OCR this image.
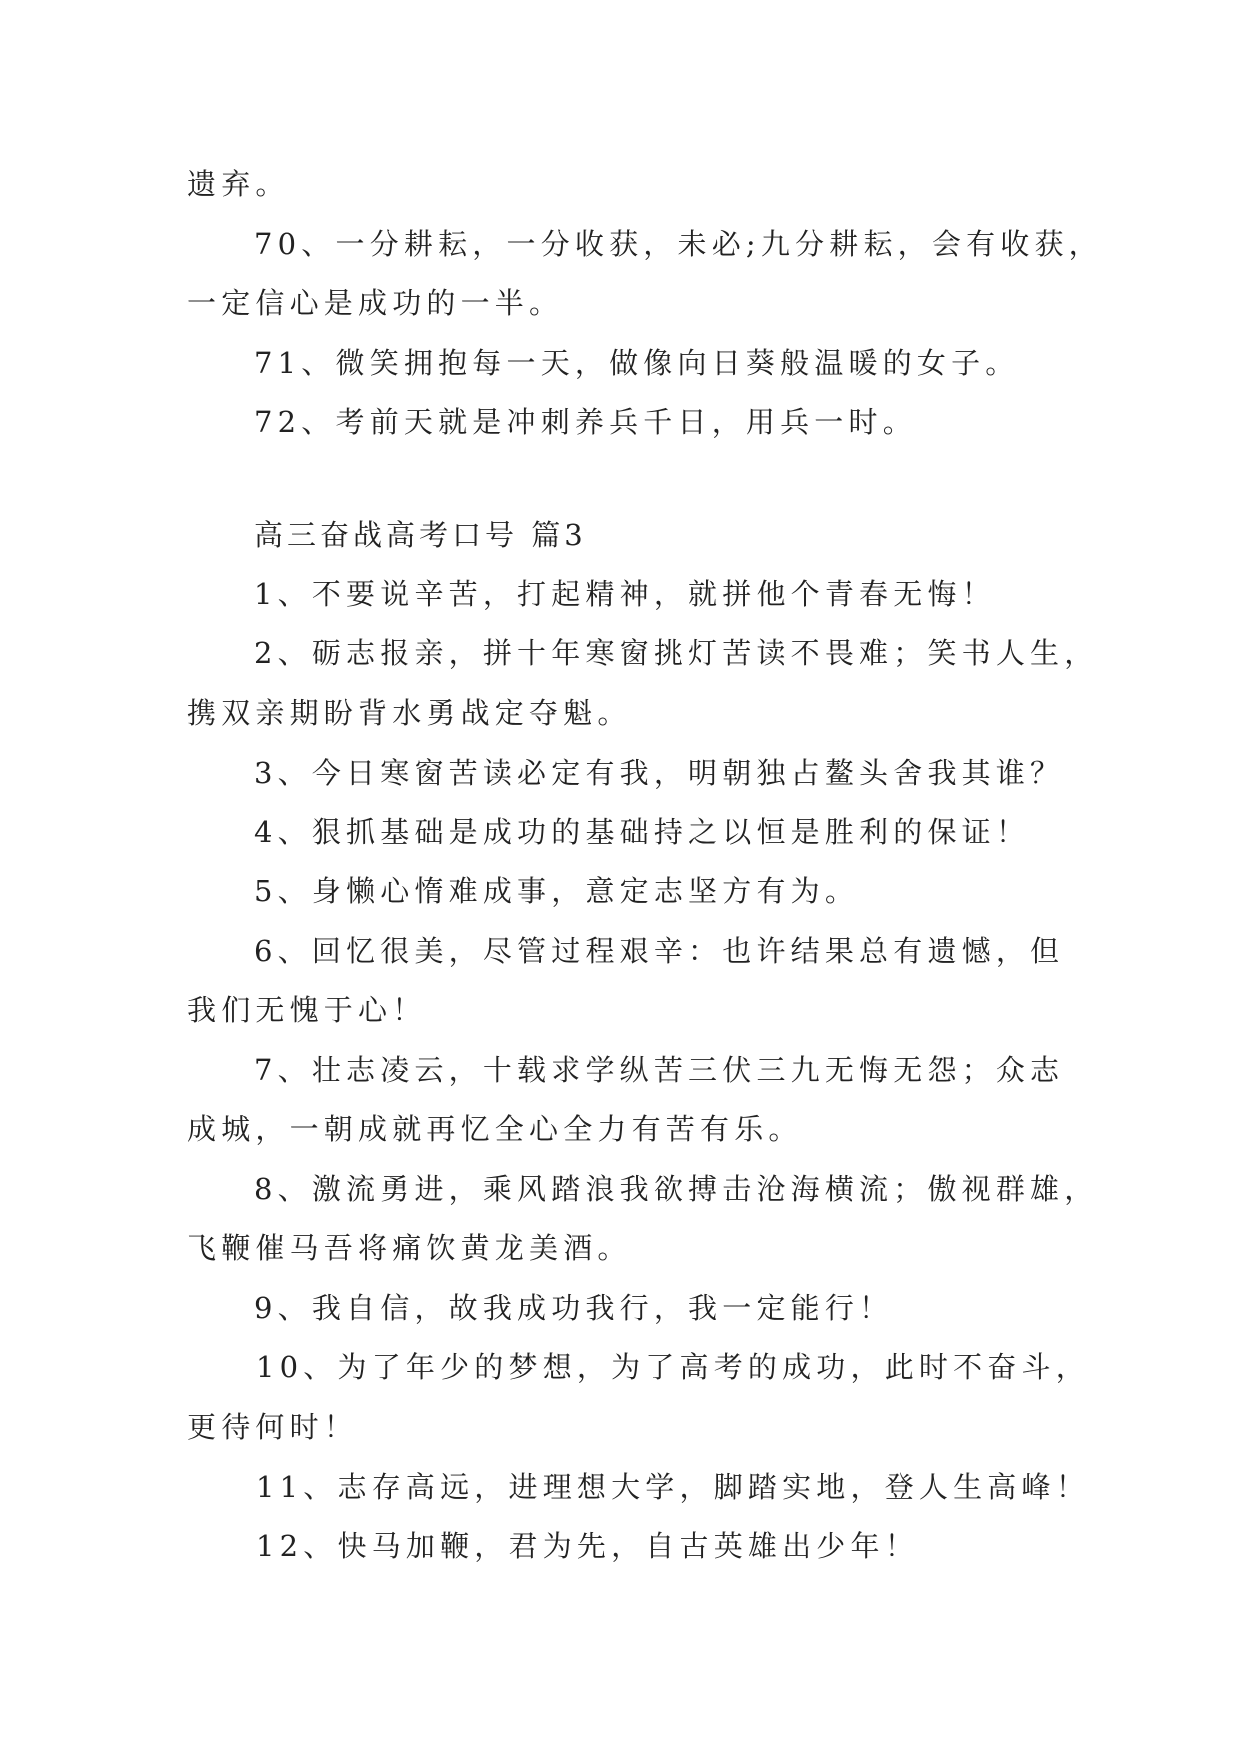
遗弃。

70、一分耕耘，一分收获，未必;九分耕耘，会有收获，

一定信心是成功的一半。

71、微笑拥抱每一天，做像向日葵般温暖的女子。

72、考前天就是冲刺养兵千日，用兵一时。

高三奋战高考口号 篇3

1、不要说辛苦，打起精神，就拼他个青春无悔！

2、砺志报亲，拼十年寒窗挑灯苦读不畏难；笑书人生，

携双亲期盼背水勇战定夺魁。

3、今日寒窗苦读必定有我，明朝独占鳌头舍我其谁？

4、狠抓基础是成功的基础持之以恒是胜利的保证！

5、身懒心惰难成事，意定志坚方有为。

6、回忆很美，尽管过程艰辛：也许结果总有遗憾，但

我们无愧于心！

7、壮志凌云，十载求学纵苦三伏三九无悔无怨；众志

成城，一朝成就再忆全心全力有苦有乐。

8、激流勇进，乘风踏浪我欲搏击沧海横流；傲视群雄，

飞鞭催马吾将痛饮黄龙美酒。

9、我自信，故我成功我行，我一定能行！

10、为了年少的梦想，为了高考的成功，此时不奋斗，

更待何时！

11、志存高远，进理想大学，脚踏实地，登人生高峰！

12、快马加鞭，君为先，自古英雄出少年！
